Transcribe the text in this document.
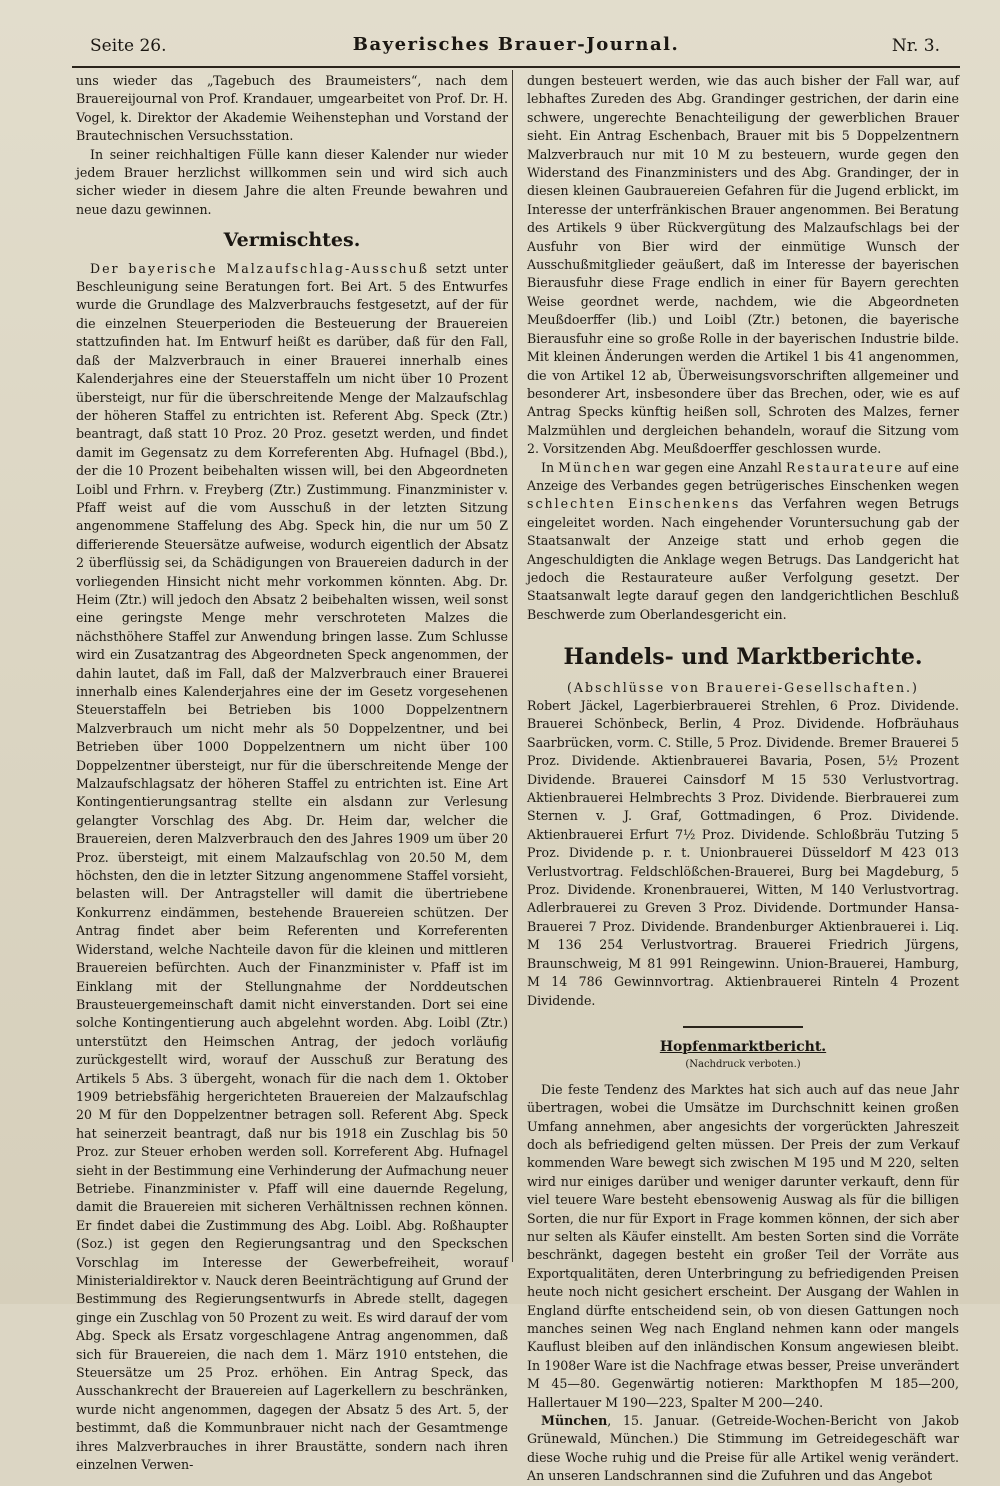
Seite 26.	Bayerisches Brauer-Journal.	Nr. 3.

uns wieder das „Tagebuch des Braumeisters“, nach dem Brauereijournal von Prof. Krandauer, umgearbeitet von Prof. Dr. H. Vogel, k. Direktor der Akademie Weihenstephan und Vorstand der Brautechnischen Versuchsstation.

In seiner reichhaltigen Fülle kann dieser Kalender nur wieder jedem Brauer herzlichst willkommen sein und wird sich auch sicher wieder in diesem Jahre die alten Freunde bewahren und neue dazu gewinnen.

Vermischtes.

Der bayerische Malzaufschlag-Ausschuß setzt unter Beschleunigung seine Beratungen fort. Bei Art. 5 des Entwurfes wurde die Grundlage des Malzverbrauchs festgesetzt, auf der für die einzelnen Steuerperioden die Besteuerung der Brauereien stattzufinden hat. Im Entwurf heißt es darüber, daß für den Fall, daß der Malzverbrauch in einer Brauerei innerhalb eines Kalenderjahres eine der Steuerstaffeln um nicht über 10 Prozent übersteigt, nur für die überschreitende Menge der Malzaufschlag der höheren Staffel zu entrichten ist. Referent Abg. Speck (Ztr.) beantragt, daß statt 10 Proz. 20 Proz. gesetzt werden, und findet damit im Gegensatz zu dem Korreferenten Abg. Hufnagel (Bbd.), der die 10 Prozent beibehalten wissen will, bei den Abgeordneten Loibl und Frhrn. v. Freyberg (Ztr.) Zustimmung. Finanzminister v. Pfaff weist auf die vom Ausschuß in der letzten Sitzung angenommene Staffelung des Abg. Speck hin, die nur um 50 Z differierende Steuersätze aufweise, wodurch eigentlich der Absatz 2 überflüssig sei, da Schädigungen von Brauereien dadurch in der vorliegenden Hinsicht nicht mehr vorkommen könnten. Abg. Dr. Heim (Ztr.) will jedoch den Absatz 2 beibehalten wissen, weil sonst eine geringste Menge mehr verschroteten Malzes die nächsthöhere Staffel zur Anwendung bringen lasse. Zum Schlusse wird ein Zusatzantrag des Abgeordneten Speck angenommen, der dahin lautet, daß im Fall, daß der Malzverbrauch einer Brauerei innerhalb eines Kalenderjahres eine der im Gesetz vorgesehenen Steuerstaffeln bei Betrieben bis 1000 Doppelzentnern Malzverbrauch um nicht mehr als 50 Doppelzentner, und bei Betrieben über 1000 Doppelzentnern um nicht über 100 Doppelzentner übersteigt, nur für die überschreitende Menge der Malzaufschlagsatz der höheren Staffel zu entrichten ist. Eine Art Kontingentierungsantrag stellte ein alsdann zur Verlesung gelangter Vorschlag des Abg. Dr. Heim dar, welcher die Brauereien, deren Malzverbrauch den des Jahres 1909 um über 20 Proz. übersteigt, mit einem Malzaufschlag von 20.50 M, dem höchsten, den die in letzter Sitzung angenommene Staffel vorsieht, belasten will. Der Antragsteller will damit die übertriebene Konkurrenz eindämmen, bestehende Brauereien schützen. Der Antrag findet aber beim Referenten und Korreferenten Widerstand, welche Nachteile davon für die kleinen und mittleren Brauereien befürchten. Auch der Finanzminister v. Pfaff ist im Einklang mit der Stellungnahme der Norddeutschen Brausteuergemeinschaft damit nicht einverstanden. Dort sei eine solche Kontingentierung auch abgelehnt worden. Abg. Loibl (Ztr.) unterstützt den Heimschen Antrag, der jedoch vorläufig zurückgestellt wird, worauf der Ausschuß zur Beratung des Artikels 5 Abs. 3 übergeht, wonach für die nach dem 1. Oktober 1909 betriebsfähig hergerichteten Brauereien der Malzaufschlag 20 M für den Doppelzentner betragen soll. Referent Abg. Speck hat seinerzeit beantragt, daß nur bis 1918 ein Zuschlag bis 50 Proz. zur Steuer erhoben werden soll. Korreferent Abg. Hufnagel sieht in der Bestimmung eine Verhinderung der Aufmachung neuer Betriebe. Finanzminister v. Pfaff will eine dauernde Regelung, damit die Brauereien mit sicheren Verhältnissen rechnen können. Er findet dabei die Zustimmung des Abg. Loibl. Abg. Roßhaupter (Soz.) ist gegen den Regierungsantrag und den Speckschen Vorschlag im Interesse der Gewerbefreiheit, worauf Ministerialdirektor v. Nauck deren Beeinträchtigung auf Grund der Bestimmung des Regierungsentwurfs in Abrede stellt, dagegen ginge ein Zuschlag von 50 Prozent zu weit. Es wird darauf der vom Abg. Speck als Ersatz vorgeschlagene Antrag angenommen, daß sich für Brauereien, die nach dem 1. März 1910 entstehen, die Steuersätze um 25 Proz. erhöhen. Ein Antrag Speck, das Ausschankrecht der Brauereien auf Lagerkellern zu beschränken, wurde nicht angenommen, dagegen der Absatz 5 des Art. 5, der bestimmt, daß die Kommunbrauer nicht nach der Gesamtmenge ihres Malzverbrauches in ihrer Braustätte, sondern nach ihren einzelnen Verwen-

dungen besteuert werden, wie das auch bisher der Fall war, auf lebhaftes Zureden des Abg. Grandinger gestrichen, der darin eine schwere, ungerechte Benachteiligung der gewerblichen Brauer sieht. Ein Antrag Eschenbach, Brauer mit bis 5 Doppelzentnern Malzverbrauch nur mit 10 M zu besteuern, wurde gegen den Widerstand des Finanzministers und des Abg. Grandinger, der in diesen kleinen Gaubrauereien Gefahren für die Jugend erblickt, im Interesse der unterfränkischen Brauer angenommen. Bei Beratung des Artikels 9 über Rückvergütung des Malzaufschlags bei der Ausfuhr von Bier wird der einmütige Wunsch der Ausschußmitglieder geäußert, daß im Interesse der bayerischen Bierausfuhr diese Frage endlich in einer für Bayern gerechten Weise geordnet werde, nachdem, wie die Abgeordneten Meußdoerffer (lib.) und Loibl (Ztr.) betonen, die bayerische Bierausfuhr eine so große Rolle in der bayerischen Industrie bilde. Mit kleinen Änderungen werden die Artikel 1 bis 41 angenommen, die von Artikel 12 ab, Überweisungsvorschriften allgemeiner und besonderer Art, insbesondere über das Brechen, oder, wie es auf Antrag Specks künftig heißen soll, Schroten des Malzes, ferner Malzmühlen und dergleichen behandeln, worauf die Sitzung vom 2. Vorsitzenden Abg. Meußdoerffer geschlossen wurde.

In München war gegen eine Anzahl Restaurateure auf eine Anzeige des Verbandes gegen betrügerisches Einschenken wegen schlechten Einschenkens das Verfahren wegen Betrugs eingeleitet worden. Nach eingehender Voruntersuchung gab der Staatsanwalt der Anzeige statt und erhob gegen die Angeschuldigten die Anklage wegen Betrugs. Das Landgericht hat jedoch die Restaurateure außer Verfolgung gesetzt. Der Staatsanwalt legte darauf gegen den landgerichtlichen Beschluß Beschwerde zum Oberlandesgericht ein.

Handels- und Marktberichte.

(Abschlüsse von Brauerei-Gesellschaften.)

Robert Jäckel, Lagerbierbrauerei Strehlen, 6 Proz. Dividende. Brauerei Schönbeck, Berlin, 4 Proz. Dividende. Hofbräuhaus Saarbrücken, vorm. C. Stille, 5 Proz. Dividende. Bremer Brauerei 5 Proz. Dividende. Aktienbrauerei Bavaria, Posen, 5½ Prozent Dividende. Brauerei Cainsdorf M 15 530 Verlustvortrag. Aktienbrauerei Helmbrechts 3 Proz. Dividende. Bierbrauerei zum Sternen v. J. Graf, Gottmadingen, 6 Proz. Dividende. Aktienbrauerei Erfurt 7½ Proz. Dividende. Schloßbräu Tutzing 5 Proz. Dividende p. r. t. Unionbrauerei Düsseldorf M 423 013 Verlustvortrag. Feldschlößchen-Brauerei, Burg bei Magdeburg, 5 Proz. Dividende. Kronenbrauerei, Witten, M 140 Verlustvortrag. Adlerbrauerei zu Greven 3 Proz. Dividende. Dortmunder Hansa-Brauerei 7 Proz. Dividende. Brandenburger Aktienbrauerei i. Liq. M 136 254 Verlustvortrag. Brauerei Friedrich Jürgens, Braunschweig, M 81 991 Reingewinn. Union-Brauerei, Hamburg, M 14 786 Gewinnvortrag. Aktienbrauerei Rinteln 4 Prozent Dividende.

Hopfenmarktbericht.
(Nachdruck verboten.)

Die feste Tendenz des Marktes hat sich auch auf das neue Jahr übertragen, wobei die Umsätze im Durchschnitt keinen großen Umfang annehmen, aber angesichts der vorgerückten Jahreszeit doch als befriedigend gelten müssen. Der Preis der zum Verkauf kommenden Ware bewegt sich zwischen M 195 und M 220, selten wird nur einiges darüber und weniger darunter verkauft, denn für viel teuere Ware besteht ebensowenig Auswag als für die billigen Sorten, die nur für Export in Frage kommen können, der sich aber nur selten als Käufer einstellt. Am besten Sorten sind die Vorräte beschränkt, dagegen besteht ein großer Teil der Vorräte aus Exportqualitäten, deren Unterbringung zu befriedigenden Preisen heute noch nicht gesichert erscheint. Der Ausgang der Wahlen in England dürfte entscheidend sein, ob von diesen Gattungen noch manches seinen Weg nach England nehmen kann oder mangels Kauflust bleiben auf den inländischen Konsum angewiesen bleibt. In 1908er Ware ist die Nachfrage etwas besser, Preise unverändert M 45—80. Gegenwärtig notieren: Markthopfen M 185—200, Hallertauer M 190—223, Spalter M 200—240.

München, 15. Januar. (Getreide-Wochen-Bericht von Jakob Grünewald, München.) Die Stimmung im Getreidegeschäft war diese Woche ruhig und die Preise für alle Artikel wenig verändert. An unseren Landschrannen sind die Zufuhren und das Angebot
